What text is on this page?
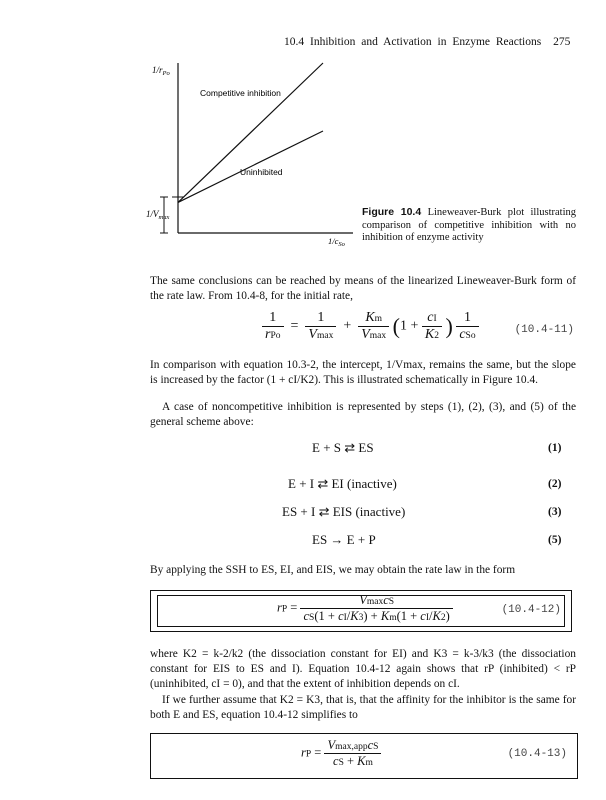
10.4 Inhibition and Activation in Enzyme Reactions 275
$1/r_{Po}$
$1/V_{max}$
$1/c_{So}$
Competitive inhibition
Uninhibited
Figure 10.4 Lineweaver-Burk plot illustrating comparison of competitive inhibition with no inhibition of enzyme activity
The same conclusions can be reached by means of the linearized Lineweaver-Burk form of the rate law. From 10.4-8, for the initial rate,
$\frac{1}{\text{rPo}} = \frac{1}{Vmax} + \frac{Km}{Vmax} (1 + \frac{cI}{K2}$ ) $\frac{1}{\text{cSo}}$	(10.4-11)
In comparison with equation 10.3-2, the intercept, 1/Vmax, remains the same, but the slope is increased by the factor (1 + cI/K2). This is illustrated schematically in Figure 10.4.
A case of noncompetitive inhibition is represented by steps (1), (2), (3), and (5) of the general scheme above:
E + S ⇄ ES	(1)
E + I ⇄ EI (inactive)	(2)
ES + I ⇄ EIS (inactive)	(3)
ES → E + P	(5)
By applying the SSH to ES, EI, and EIS, we may obtain the rate law in the form
rP = $\frac{\text{VmaxcS}}{cS(1 + cI/K3) + Km(1 + cI/K2)}$	(10.4-12)
where K2 = k-2/k2 (the dissociation constant for EI) and K3 = k-3/k3 (the dissociation constant for EIS to ES and I). Equation 10.4-12 again shows that rP (inhibited) < rP (uninhibited, cI = 0), and that the extent of inhibition depends on cI.
If we further assume that K2 = K3, that is, that the affinity for the inhibitor is the same for both E and ES, equation 10.4-12 simplifies to
rP = $\frac{\text{Vmax,appcS}}{cS + Km}$	(10.4-13)
